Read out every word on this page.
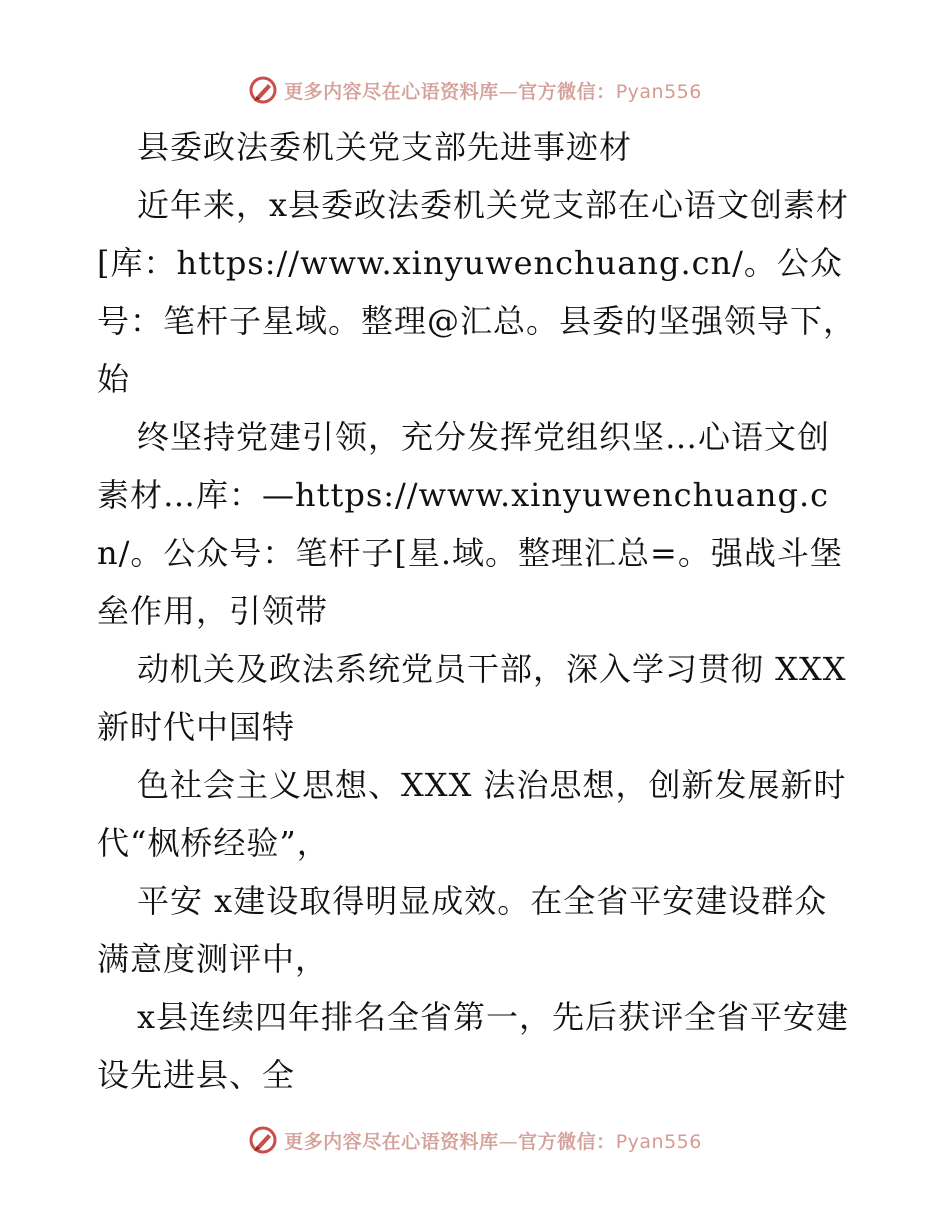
更多内容尽在心语资料库—官方微信：Pyan556

县委政法委机关党支部先进事迹材

近年来，x县委政法委机关党支部在心语文创素材[库：https://www.xinyuwenchuang.cn/。公众号：笔杆子星域。整理@汇总。县委的坚强领导下，始

终坚持党建引领，充分发挥党组织坚…心语文创素材…库：—https://www.xinyuwenchuang.cn/。公众号：笔杆子[星.域。整理汇总=。强战斗堡垒作用，引领带

动机关及政法系统党员干部，深入学习贯彻 XXX 新时代中国特

色社会主义思想、XXX 法治思想，创新发展新时代“枫桥经验”，

平安 x建设取得明显成效。在全省平安建设群众满意度测评中，

x县连续四年排名全省第一，先后获评全省平安建设先进县、全

更多内容尽在心语资料库—官方微信：Pyan556
